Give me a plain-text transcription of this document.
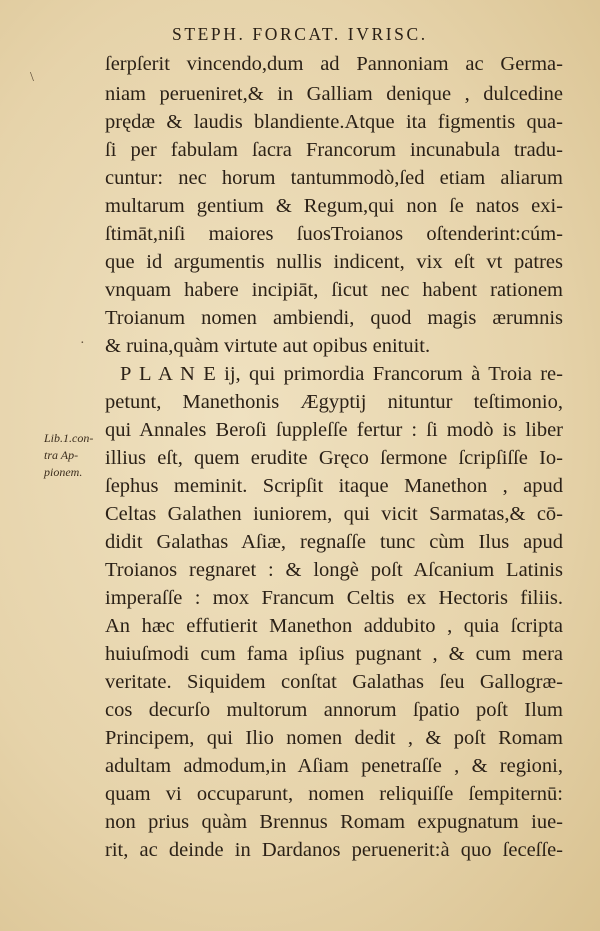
STEPH. FORCAT. IVRISC.
\
·
ſerpſerit vincendo,dum ad Pannoniam ac Germa-
niam perueniret,& in Galliam denique , dulcedine
prędæ & laudis blandiente.Atque ita figmentis qua-
ſi per fabulam ſacra Francorum incunabula tradu-
cuntur: nec horum tantummodò,ſed etiam aliarum
multarum gentium & Regum,qui non ſe natos exi-
ſtimāt,niſi maiores ſuosTroianos oſtenderint:cúm-
que id argumentis nullis indicent, vix eſt vt patres
vnquam habere incipiāt, ſicut nec habent rationem
Troianum nomen ambiendi, quod magis ærumnis
& ruina,quàm virtute aut opibus enituit.
P L A N E ij, qui primordia Francorum à Troia re-
petunt, Manethonis Ægyptij nituntur teſtimonio,
qui Annales Beroſi ſuppleſſe fertur : ſi modò is liber
illius eſt, quem erudite Gręco ſermone ſcripſiſſe Io-
ſephus meminit. Scripſit itaque Manethon , apud
Celtas Galathen iuniorem, qui vicit Sarmatas,& cō-
didit Galathas Aſiæ, regnaſſe tunc cùm Ilus apud
Troianos regnaret : & longè poſt Aſcanium Latinis
imperaſſe : mox Francum Celtis ex Hectoris filiis.
An hæc effutierit Manethon addubito , quia ſcripta
huiuſmodi cum fama ipſius pugnant , & cum mera
veritate. Siquidem conſtat Galathas ſeu Gallogræ-
cos decurſo multorum annorum ſpatio poſt Ilum
Principem, qui Ilio nomen dedit , & poſt Romam
adultam admodum,in Aſiam penetraſſe , & regioni,
quam vi occuparunt, nomen reliquiſſe ſempiternū:
non prius quàm Brennus Romam expugnatum iue-
rit, ac deinde in Dardanos peruenerit:à quo ſeceſſe-
Lib.1.con-
tra Ap-
pionem.
